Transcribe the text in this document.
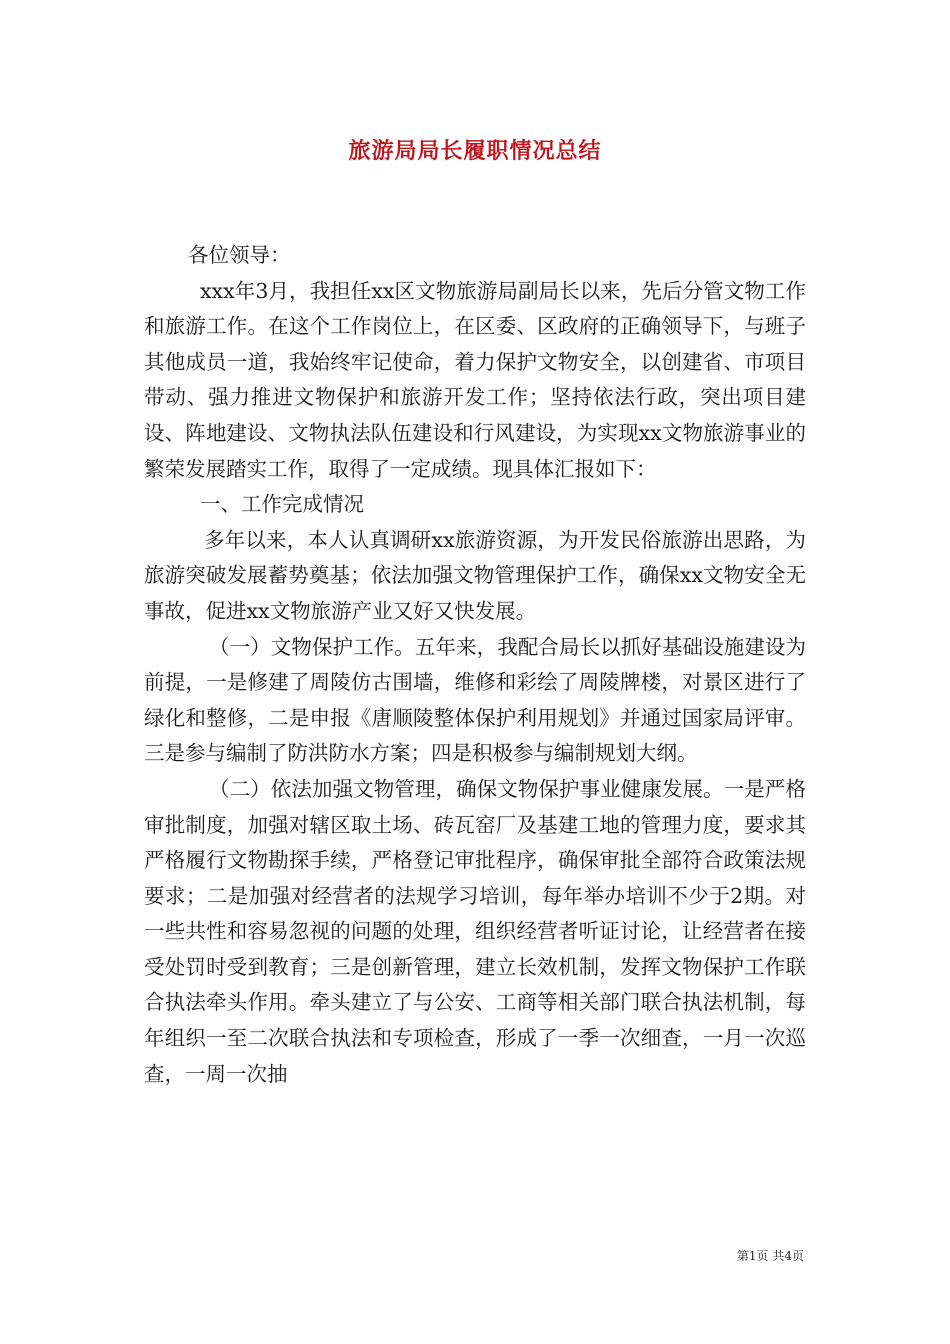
旅游局局长履职情况总结

各位领导：

xxx年3月，我担任xx区文物旅游局副局长以来，先后分管文物工作和旅游工作。在这个工作岗位上，在区委、区政府的正确领导下，与班子其他成员一道，我始终牢记使命，着力保护文物安全，以创建省、市项目带动、强力推进文物保护和旅游开发工作；坚持依法行政，突出项目建设、阵地建设、文物执法队伍建设和行风建设，为实现xx文物旅游事业的繁荣发展踏实工作，取得了一定成绩。现具体汇报如下：

一、工作完成情况

多年以来，本人认真调研xx旅游资源，为开发民俗旅游出思路，为旅游突破发展蓄势奠基；依法加强文物管理保护工作，确保xx文物安全无事故，促进xx文物旅游产业又好又快发展。

（一）文物保护工作。五年来，我配合局长以抓好基础设施建设为前提，一是修建了周陵仿古围墙，维修和彩绘了周陵牌楼，对景区进行了绿化和整修，二是申报《唐顺陵整体保护利用规划》并通过国家局评审。三是参与编制了防洪防水方案；四是积极参与编制规划大纲。

（二）依法加强文物管理，确保文物保护事业健康发展。一是严格审批制度，加强对辖区取土场、砖瓦窑厂及基建工地的管理力度，要求其严格履行文物勘探手续，严格登记审批程序，确保审批全部符合政策法规要求；二是加强对经营者的法规学习培训，每年举办培训不少于2期。对一些共性和容易忽视的问题的处理，组织经营者听证讨论，让经营者在接受处罚时受到教育；三是创新管理，建立长效机制，发挥文物保护工作联合执法牵头作用。牵头建立了与公安、工商等相关部门联合执法机制，每年组织一至二次联合执法和专项检查，形成了一季一次细查，一月一次巡查，一周一次抽

第1页 共4页
